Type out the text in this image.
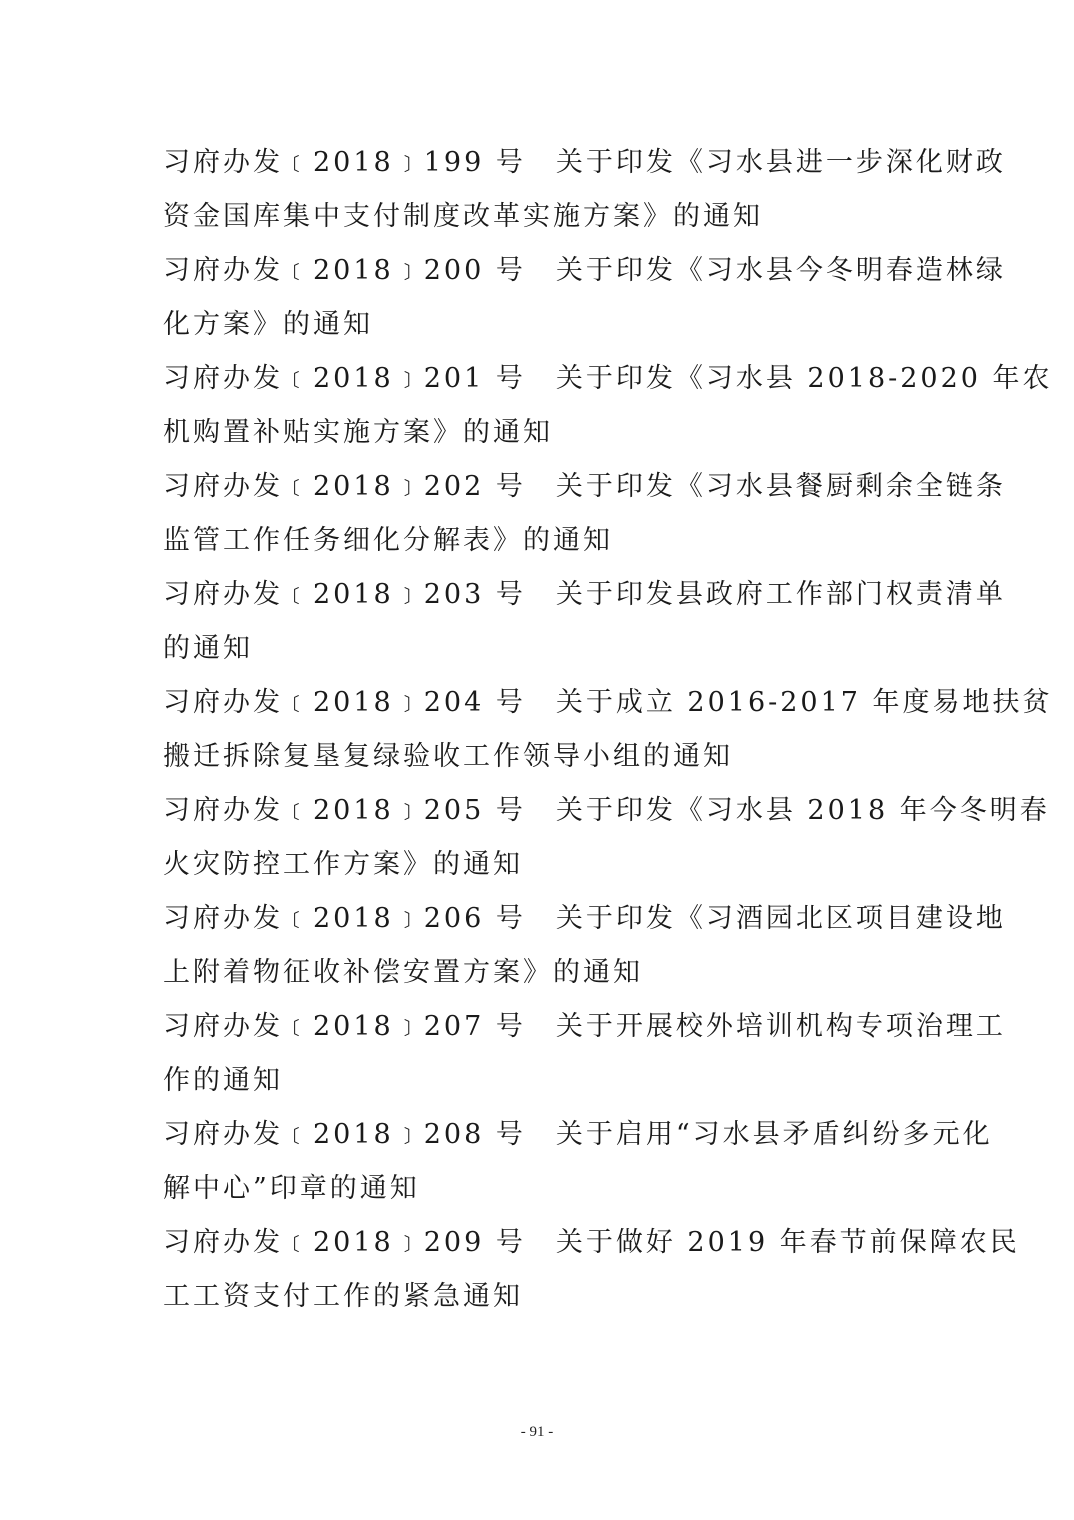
习府办发﹝2018﹞199 号　关于印发《习水县进一步深化财政
资金国库集中支付制度改革实施方案》的通知
习府办发﹝2018﹞200 号　关于印发《习水县今冬明春造林绿
化方案》的通知
习府办发﹝2018﹞201 号　关于印发《习水县 2018-2020 年农
机购置补贴实施方案》的通知
习府办发﹝2018﹞202 号　关于印发《习水县餐厨剩余全链条
监管工作任务细化分解表》的通知
习府办发﹝2018﹞203 号　关于印发县政府工作部门权责清单
的通知
习府办发﹝2018﹞204 号　关于成立 2016-2017 年度易地扶贫
搬迁拆除复垦复绿验收工作领导小组的通知
习府办发﹝2018﹞205 号　关于印发《习水县 2018 年今冬明春
火灾防控工作方案》的通知
习府办发﹝2018﹞206 号　关于印发《习酒园北区项目建设地
上附着物征收补偿安置方案》的通知
习府办发﹝2018﹞207 号　关于开展校外培训机构专项治理工
作的通知
习府办发﹝2018﹞208 号　关于启用“习水县矛盾纠纷多元化
解中心”印章的通知
习府办发﹝2018﹞209 号　关于做好 2019 年春节前保障农民
工工资支付工作的紧急通知
- 91 -
